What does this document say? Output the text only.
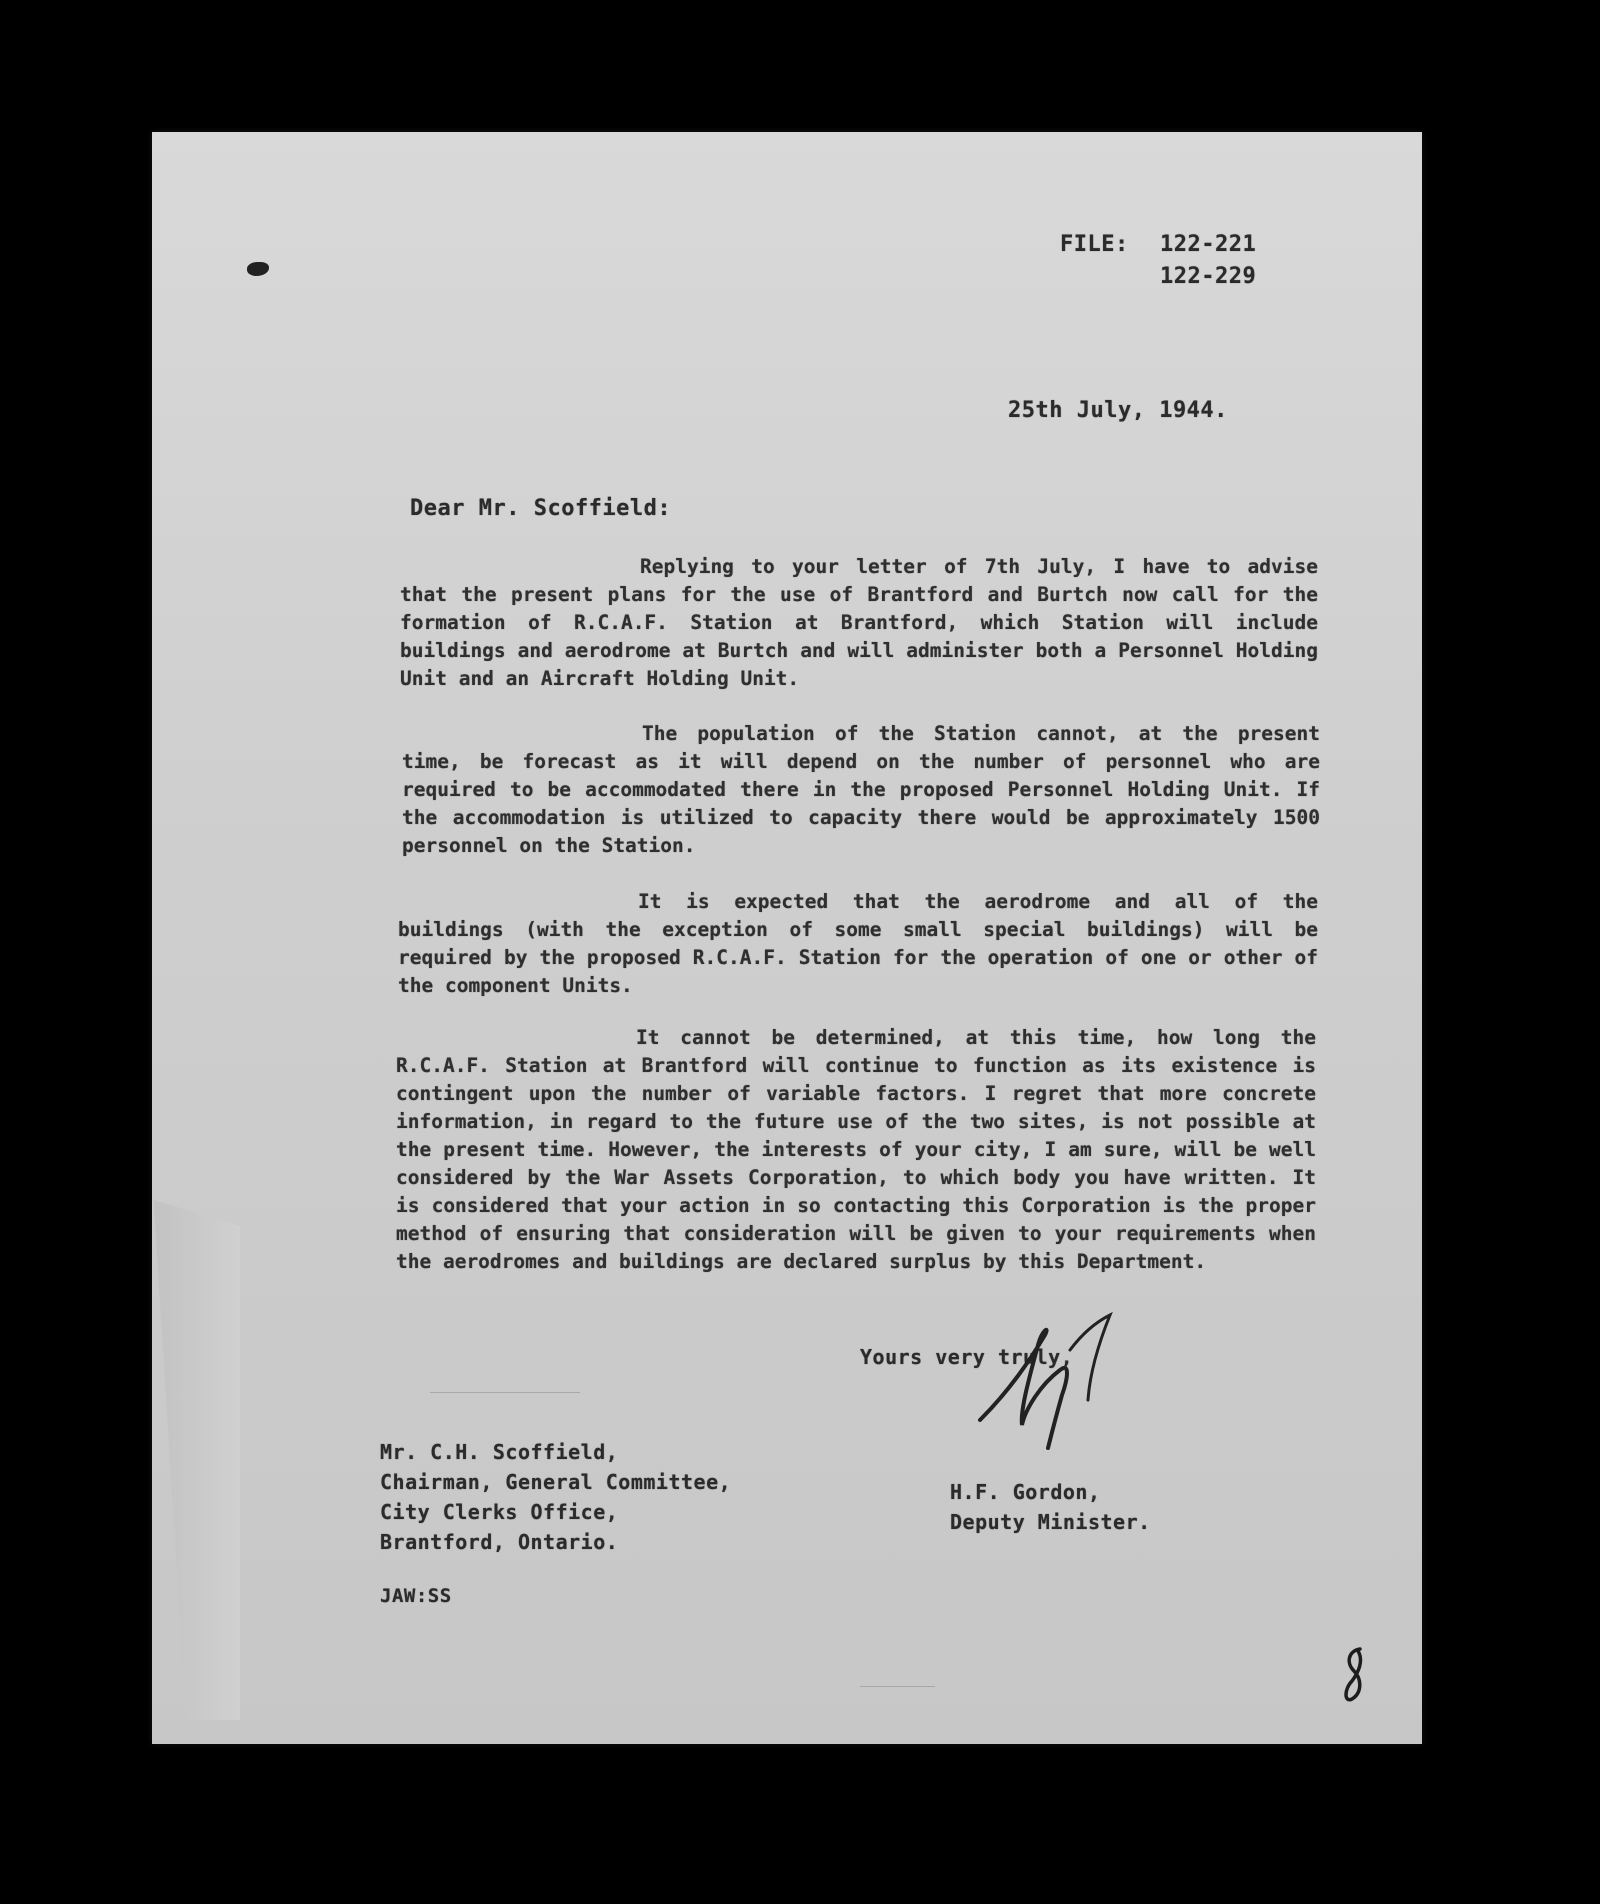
FILE: 122-221
122-229
25th July, 1944.
Dear Mr. Scoffield:
Replying to your letter of 7th July, I have to advise that the present plans for the use of Brantford and Burtch now call for the formation of R.C.A.F. Station at Brantford, which Station will include buildings and aerodrome at Burtch and will administer both a Personnel Holding Unit and an Aircraft Holding Unit.
The population of the Station cannot, at the present time, be forecast as it will depend on the number of personnel who are required to be accommodated there in the proposed Personnel Holding Unit. If the accommodation is utilized to capacity there would be approximately 1500 personnel on the Station.
It is expected that the aerodrome and all of the buildings (with the exception of some small special buildings) will be required by the proposed R.C.A.F. Station for the operation of one or other of the component Units.
It cannot be determined, at this time, how long the R.C.A.F. Station at Brantford will continue to function as its existence is contingent upon the number of variable factors. I regret that more concrete information, in regard to the future use of the two sites, is not possible at the present time. However, the interests of your city, I am sure, will be well considered by the War Assets Corporation, to which body you have written. It is considered that your action in so contacting this Corporation is the proper method of ensuring that consideration will be given to your requirements when the aerodromes and buildings are declared surplus by this Department.
Yours very truly,
Mr. C.H. Scoffield,
Chairman, General Committee,
City Clerks Office,
Brantford, Ontario.
H.F. Gordon,
Deputy Minister.
JAW:SS
